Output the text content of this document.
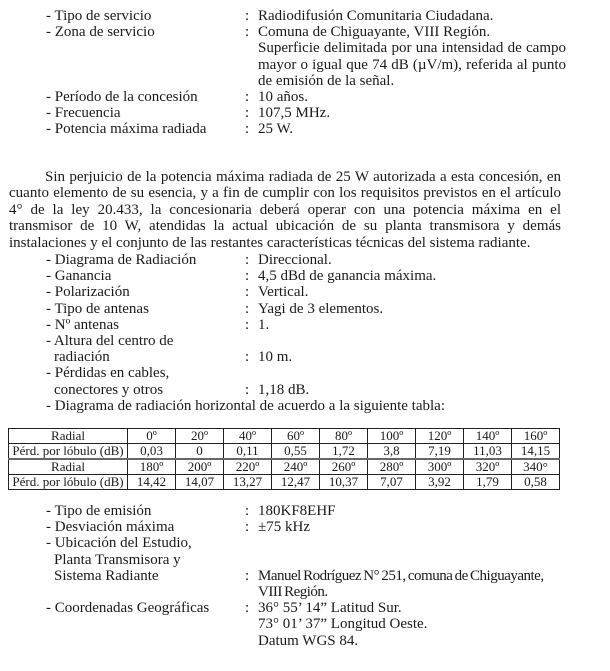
- Tipo de servicio	: Radiodifusión Comunitaria Ciudadana.
- Zona de servicio	: Comuna de Chiguayante, VIII Región.
Superficie delimitada por una intensidad de campo mayor o igual que 74 dB (µV/m), referida al punto de emisión de la señal.
- Período de la concesión	: 10 años.
- Frecuencia	: 107,5 MHz.
- Potencia máxima radiada	: 25 W.

Sin perjuicio de la potencia máxima radiada de 25 W autorizada a esta concesión, en cuanto elemento de su esencia, y a fin de cumplir con los requisitos previstos en el artículo 4° de la ley 20.433, la concesionaria deberá operar con una potencia máxima en el transmisor de 10 W, atendidas la actual ubicación de su planta transmisora y demás instalaciones y el conjunto de las restantes características técnicas del sistema radiante.

- Diagrama de Radiación	: Direccional.
- Ganancia	: 4,5 dBd de ganancia máxima.
- Polarización	: Vertical.
- Tipo de antenas	: Yagi de 3 elementos.
- Nº antenas	: 1.
- Altura del centro de
radiación	: 10 m.
- Pérdidas en cables,
conectores y otros	: 1,18 dB.
- Diagrama de radiación horizontal de acuerdo a la siguiente tabla:
Radial	0º	20º	40º	60º	80º	100º	120º	140º	160º
Pérd. por lóbulo (dB)	0,03	0	0,11	0,55	1,72	3,8	7,19	11,03	14,15
Radial	180º	200º	220º	240º	260º	280º	300º	320º	340°
Pérd. por lóbulo (dB)	14,42	14,07	13,27	12,47	10,37	7,07	3,92	1,79	0,58
- Tipo de emisión	: 180KF8EHF
- Desviación máxima	: ±75 kHz
- Ubicación del Estudio,
Planta Transmisora y
Sistema Radiante	: Manuel Rodríguez N° 251, comuna de Chiguayante,
VIII Región.
- Coordenadas Geográficas	: 36° 55’ 14” Latitud Sur.
73° 01’ 37” Longitud Oeste.
Datum WGS 84.
